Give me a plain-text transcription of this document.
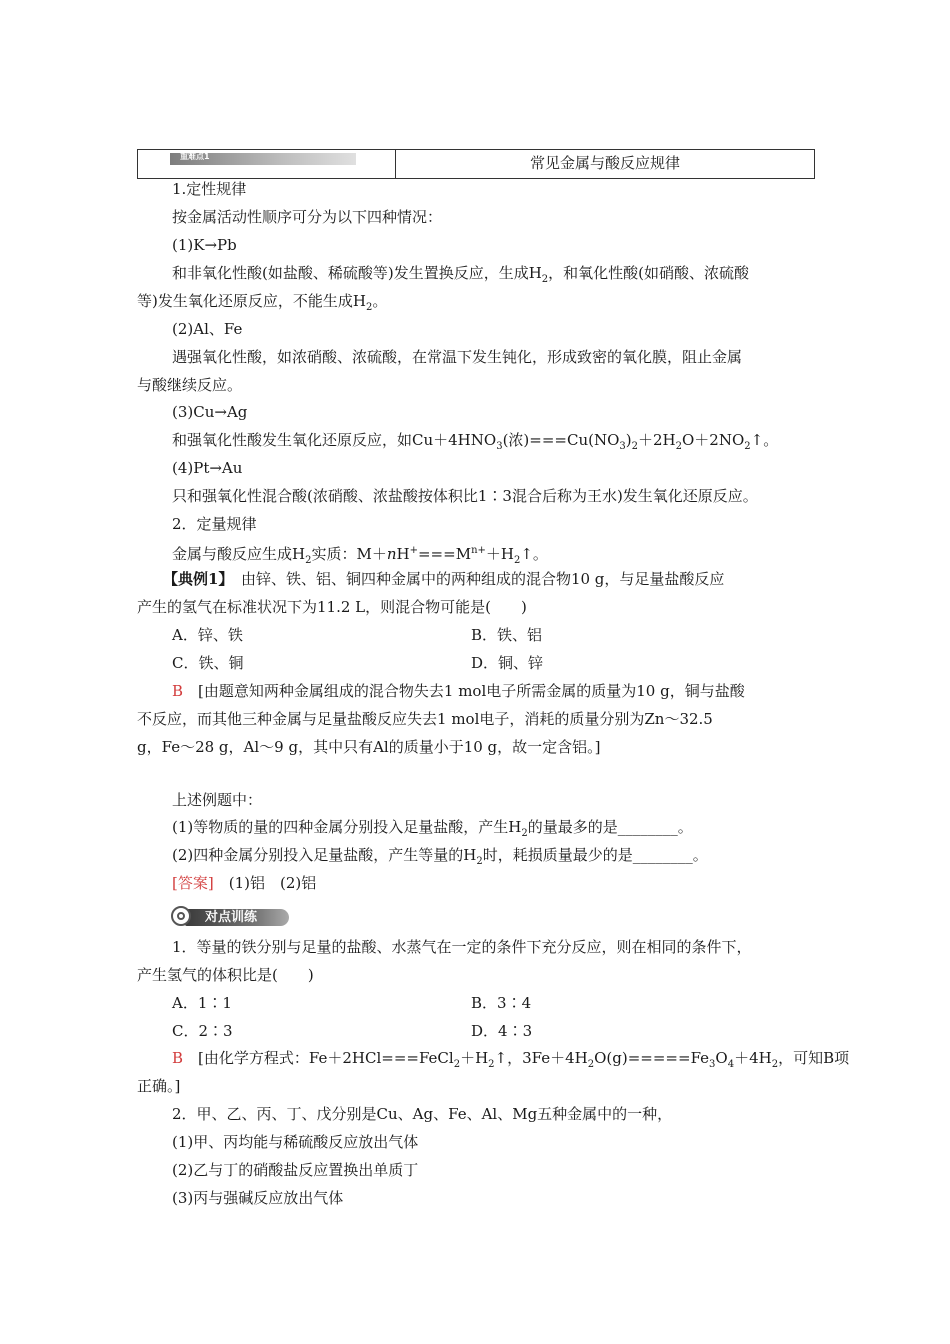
重难点1	常见金属与酸反应规律
1.定性规律
按金属活动性顺序可分为以下四种情况：
(1)K→Pb
和非氧化性酸(如盐酸、稀硫酸等)发生置换反应，生成$H_2$，和氧化性酸(如硝酸、浓硫酸
等)发生氧化还原反应，不能生成$H_2$。
(2)Al、Fe
遇强氧化性酸，如浓硝酸、浓硫酸，在常温下发生钝化，形成致密的氧化膜，阻止金属
与酸继续反应。
(3)Cu→Ag
和强氧化性酸发生氧化还原反应，如$Cu+4HNO_3$(浓)$===Cu(NO_3)_2+2H_2O+2NO_2↑$。
(4)Pt→Au
只和强氧化性混合酸(浓硝酸、浓盐酸按体积比1∶3混合后称为王水)发生氧化还原反应。
2．定量规律
金属与酸反应生成$H_2$实质：$M+nH^+===M^{n+}+H_2↑$。
【典例1】　由锌、铁、铝、铜四种金属中的两种组成的混合物10 g，与足量盐酸反应
产生的氢气在标准状况下为11.2 L，则混合物可能是(　　)
A．锌、铁	B．铁、铝
C．铁、铜	D．铜、锌
B　[由题意知两种金属组成的混合物失去1 mol电子所需金属的质量为10 g，铜与盐酸
不反应，而其他三种金属与足量盐酸反应失去1 mol电子，消耗的质量分别为Zn～32.5
g，Fe～28 g，Al～9 g，其中只有Al的质量小于10 g，故一定含铝。]
上述例题中：
(1)等物质的量的四种金属分别投入足量盐酸，产生$H_2$的量最多的是________。
(2)四种金属分别投入足量盐酸，产生等量的$H_2$时，耗损质量最少的是________。
[答案]　(1)铝　(2)铝
对点训练
1．等量的铁分别与足量的盐酸、水蒸气在一定的条件下充分反应，则在相同的条件下，
产生氢气的体积比是(　　)
A．1∶1	B．3∶4
C．2∶3	D．4∶3
B　[由化学方程式：$Fe+2HCl===FeCl_2+H_2↑$，$3Fe+4H_2O(g)=====Fe_3O_4+4H_2$，可知B项
正确。]
2．甲、乙、丙、丁、戊分别是Cu、Ag、Fe、Al、Mg五种金属中的一种，
(1)甲、丙均能与稀硫酸反应放出气体
(2)乙与丁的硝酸盐反应置换出单质丁
(3)丙与强碱反应放出气体
